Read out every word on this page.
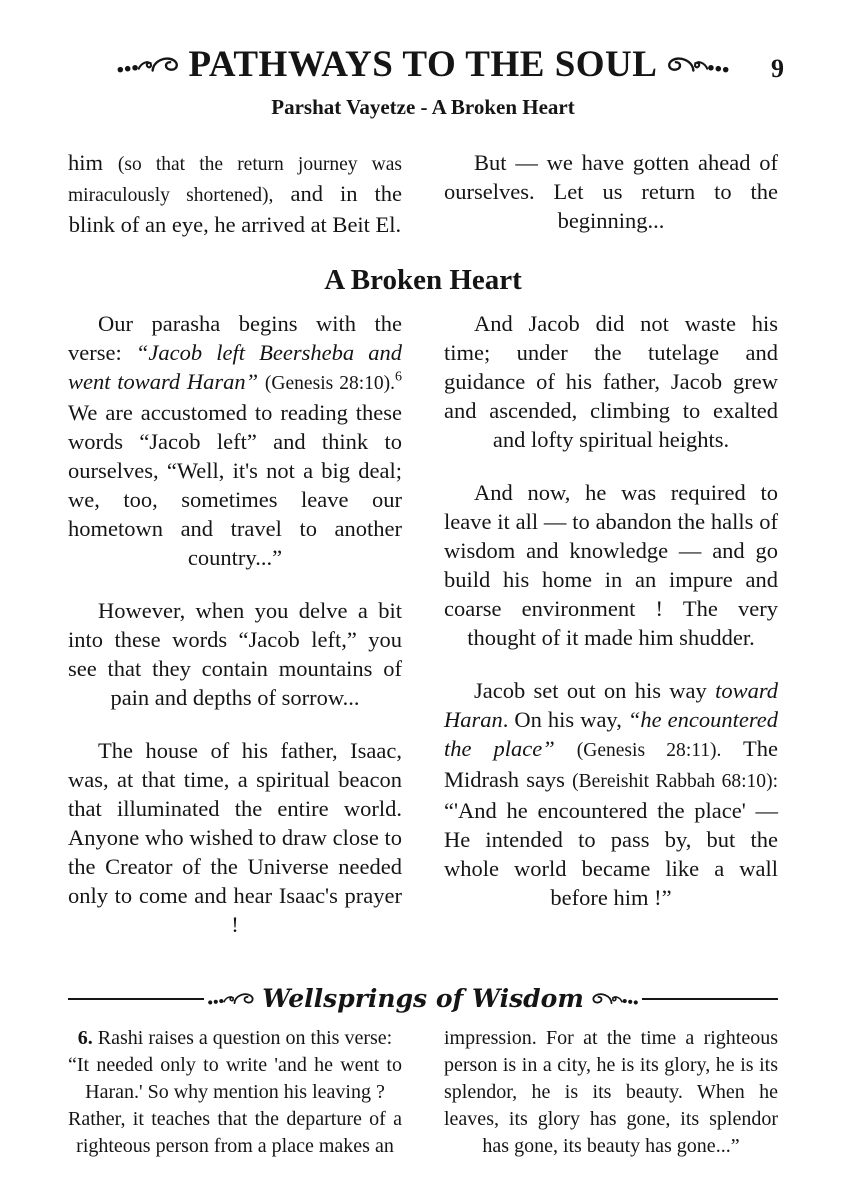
PATHWAYS TO THE SOUL	9
Parshat Vayetze - A Broken Heart

him (so that the return journey was miraculously shortened), and in the blink of an eye, he arrived at Beit El.

But — we have gotten ahead of ourselves. Let us return to the beginning...

A Broken Heart

Our parasha begins with the verse: “Jacob left Beersheba and went toward Haran” (Genesis 28:10).$^6$ We are accustomed to reading these words “Jacob left” and think to ourselves, “Well, it's not a big deal; we, too, sometimes leave our hometown and travel to another country...”

However, when you delve a bit into these words “Jacob left,” you see that they contain mountains of pain and depths of sorrow...

The house of his father, Isaac, was, at that time, a spiritual beacon that illuminated the entire world. Anyone who wished to draw close to the Creator of the Universe needed only to come and hear Isaac's prayer !

And Jacob did not waste his time; under the tutelage and guidance of his father, Jacob grew and ascended, climbing to exalted and lofty spiritual heights.

And now, he was required to leave it all — to abandon the halls of wisdom and knowledge — and go build his home in an impure and coarse environment ! The very thought of it made him shudder.

Jacob set out on his way toward Haran. On his way, “he encountered the place” (Genesis 28:11). The Midrash says (Bereishit Rabbah 68:10): “'And he encountered the place' — He intended to pass by, but the whole world became like a wall before him !”

Wellsprings of Wisdom

6. Rashi raises a question on this verse:

“It needed only to write 'and he went to Haran.' So why mention his leaving ?

Rather, it teaches that the departure of a righteous person from a place makes an

impression. For at the time a righteous person is in a city, he is its glory, he is its splendor, he is its beauty. When he leaves, its glory has gone, its splendor has gone, its beauty has gone...”
